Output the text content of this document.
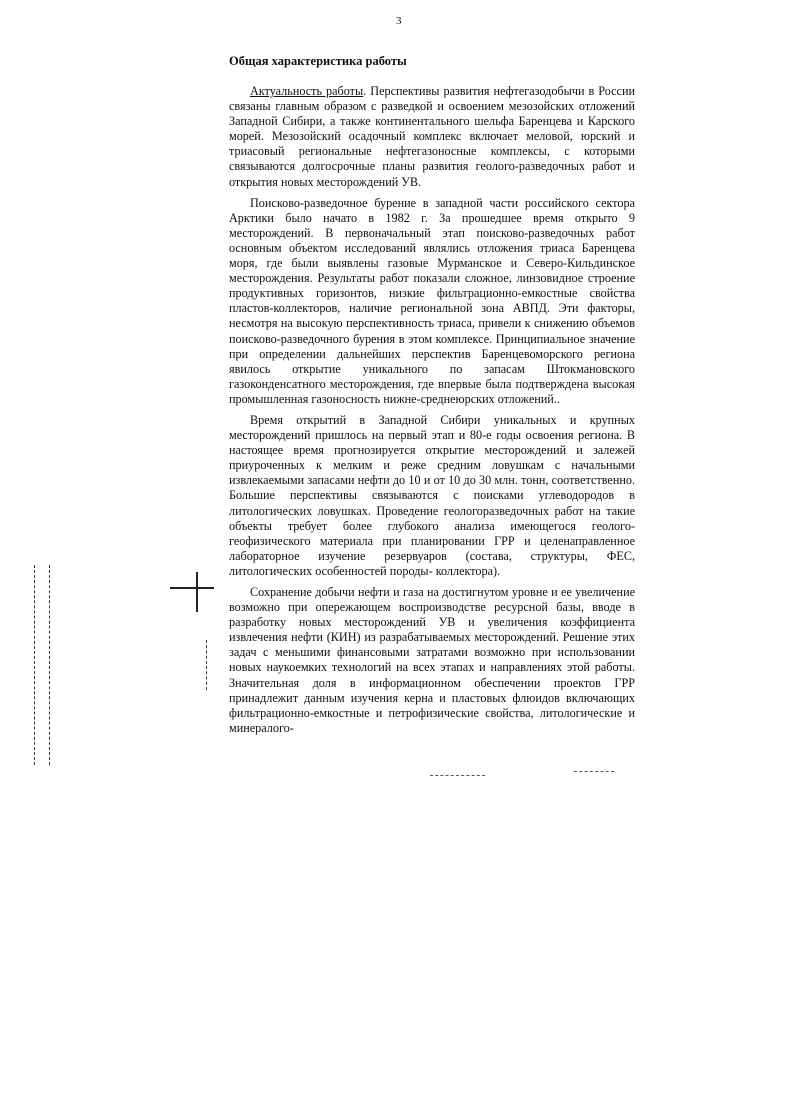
3
Общая характеристика работы

Актуальность работы. Перспективы развития нефтегазодобычи в России связаны главным образом с разведкой и освоением мезозойских отложений Западной Сибири, а также континентального шельфа Баренцева и Карского морей. Мезозойский осадочный комплекс включает меловой, юрский и триасовый региональные нефтегазоносные комплексы, с которыми связываются долгосрочные планы развития геолого-разведочных работ и открытия новых месторождений УВ.

Поисково-разведочное бурение в западной части российского сектора Арктики было начато в 1982 г. За прошедшее время открыто 9 месторождений. В первоначальный этап поисково-разведочных работ основным объектом исследований являлись отложения триаса Баренцева моря, где были выявлены газовые Мурманское и Северо-Кильдинское месторождения. Результаты работ показали сложное, линзовидное строение продуктивных горизонтов, низкие фильтрационно-емкостные свойства пластов-коллекторов, наличие региональной зона АВПД. Эти факторы, несмотря на высокую перспективность триаса, привели к снижению объемов поисково-разведочного бурения в этом комплексе. Принципиальное значение при определении дальнейших перспектив Баренцевоморского региона явилось открытие уникального по запасам Штокмановского газоконденсатного месторождения, где впервые была подтверждена высокая промышленная газоносность нижне-среднеюрских отложений..

Время открытий в Западной Сибири уникальных и крупных месторождений пришлось на первый этап и 80-е годы освоения региона. В настоящее время прогнозируется открытие месторождений и залежей приуроченных к мелким и реже средним ловушкам с начальными извлекаемыми запасами нефти до 10 и от 10 до 30 млн. тонн, соответственно. Большие перспективы связываются с поисками углеводородов в литологических ловушках. Проведение геологоразведочных работ на такие объекты требует более глубокого анализа имеющегося геолого-геофизического материала при планировании ГРР и целенаправленное лабораторное изучение резервуаров (состава, структуры, ФЕС, литологических особенностей породы- коллектора).

Сохранение добычи нефти и газа на достигнутом уровне и ее увеличение возможно при опережающем воспроизводстве ресурсной базы, вводе в разработку новых месторождений УВ и увеличения коэффициента извлечения нефти (КИН) из разрабатываемых месторождений. Решение этих задач с меньшими финансовыми затратами возможно при использовании новых наукоемких технологий на всех этапах и направлениях этой работы. Значительная доля в информационном обеспечении проектов ГРР принадлежит данным изучения керна и пластовых флюидов включающих фильтрационно-емкостные и петрофизические свойства, литологические и минералого-
